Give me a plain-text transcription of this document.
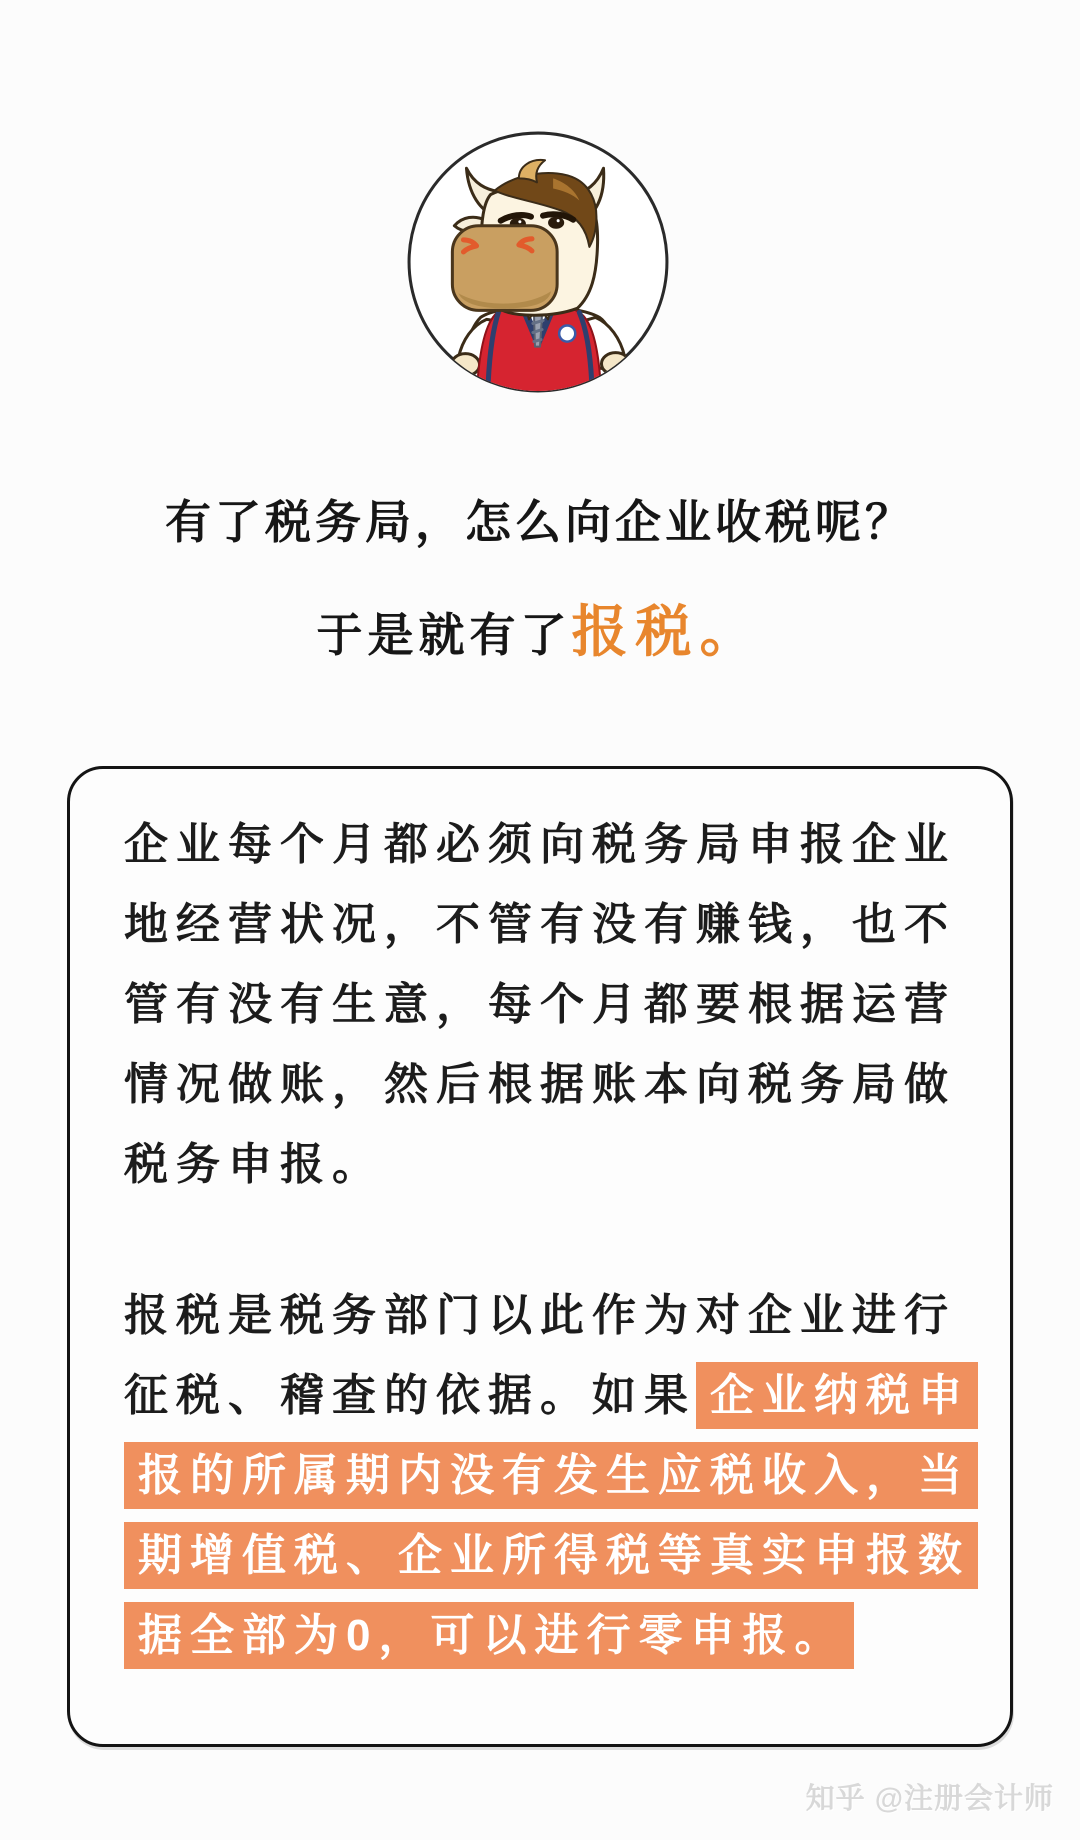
有了税务局，怎么向企业收税呢？
于是就有了报税。
企业每个月都必须向税务局申报企业
地经营状况，不管有没有赚钱，也不
管有没有生意，每个月都要根据运营
情况做账，然后根据账本向税务局做
税务申报。
报税是税务部门以此作为对企业进行
征税、稽查的依据。如果 企业纳税申
报的所属期内没有发生应税收入，当
期增值税、企业所得税等真实申报数
据全部为0，可以进行零申报。
知乎 @注册会计师
